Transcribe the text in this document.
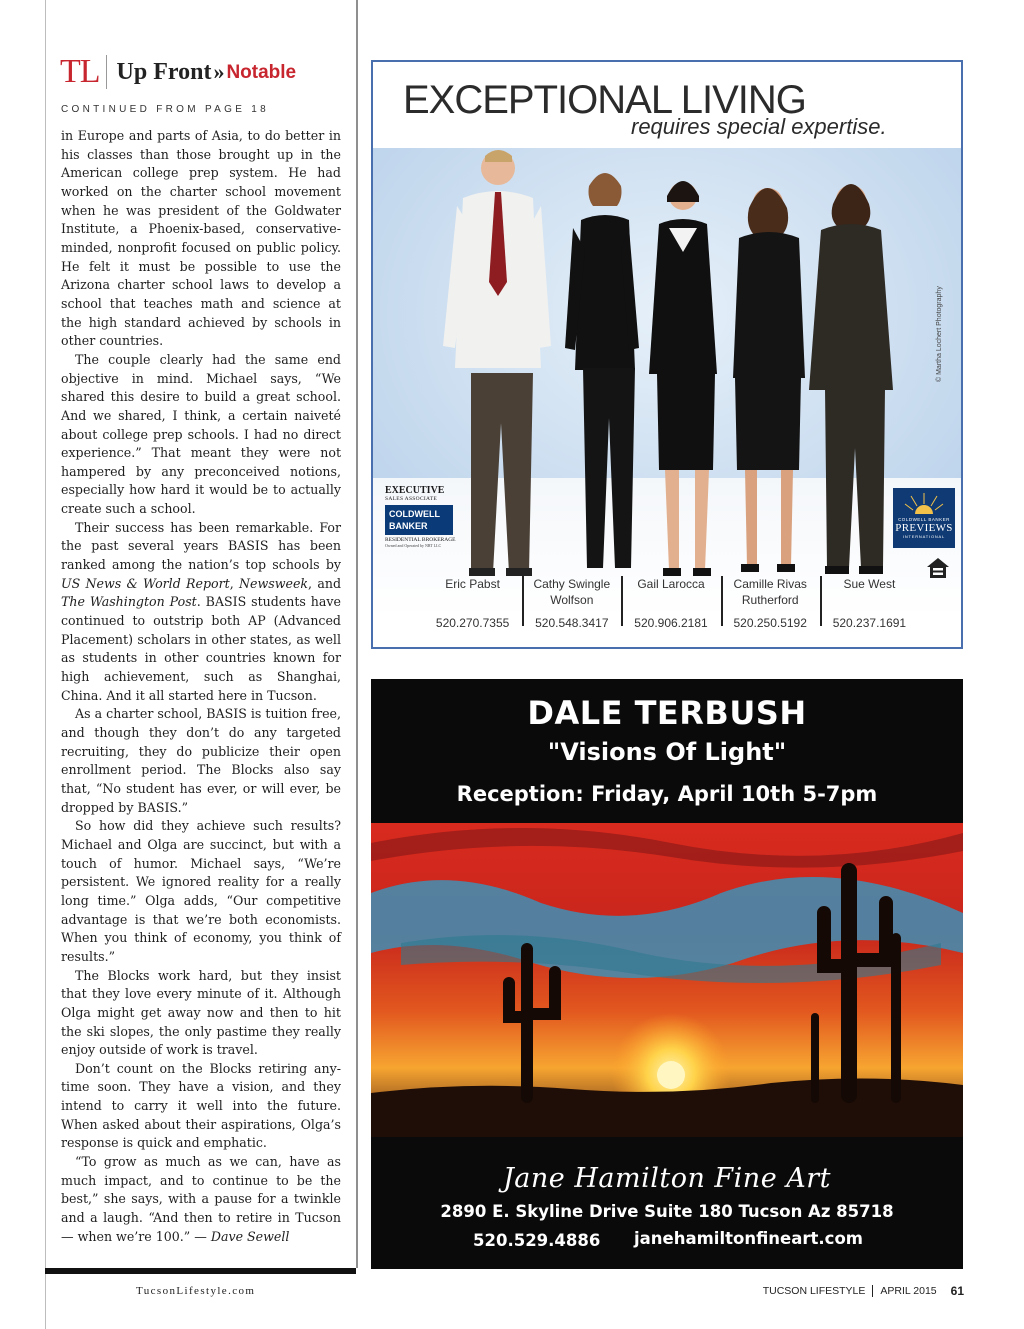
TL Up Front » Notable
CONTINUED FROM PAGE 18

in Europe and parts of Asia, to do better in his classes than those brought up in the American college prep system. He had worked on the charter school movement when he was president of the Goldwater Institute, a Phoenix-based, conservative-minded, nonprofit focused on public policy. He felt it must be possible to use the Arizona charter school laws to develop a school that teaches math and science at the high standard achieved by schools in other countries.

The couple clearly had the same end objective in mind. Michael says, “We shared this desire to build a great school. And we shared, I think, a certain naiveté about college prep schools. I had no direct experience.” That meant they were not hampered by any preconceived notions, especially how hard it would be to actually create such a school.

Their success has been remarkable. For the past several years BASIS has been ranked among the nation’s top schools by US News & World Report, Newsweek, and The Washington Post. BASIS students have continued to outstrip both AP (Advanced Placement) scholars in other states, as well as students in other countries known for high achievement, such as Shanghai, China. And it all started here in Tucson.

As a charter school, BASIS is tuition free, and though they don’t do any targeted recruiting, they do publicize their open enrollment period. The Blocks also say that, “No student has ever, or will ever, be dropped by BASIS.”

So how did they achieve such results? Michael and Olga are succinct, but with a touch of humor. Michael says, “We’re persistent. We ignored reality for a really long time.” Olga adds, “Our competitive advantage is that we’re both economists. When you think of economy, you think of results.”

The Blocks work hard, but they insist that they love every minute of it. Although Olga might get away now and then to hit the ski slopes, the only pastime they really enjoy outside of work is travel.

Don’t count on the Blocks retiring any-time soon. They have a vision, and they intend to carry it well into the future. When asked about their aspirations, Olga’s response is quick and emphatic.

“To grow as much as we can, have as much impact, and to continue to be the best,” she says, with a pause for a twinkle and a laugh. “And then to retire in Tucson — when we’re 100.” — Dave Sewell

TucsonLifestyle.com	TUCSON LIFESTYLE APRIL 2015 61
EXCEPTIONAL LIVING
requires special expertise.
© Martha Lochert Photography
EXECUTIVE
SALES ASSOCIATE
COLDWELL
BANKER
RESIDENTIAL BROKERAGE
Owned and Operated by NRT LLC
COLDWELL BANKER
PREVIEWS
INTERNATIONAL
Eric Pabst
520.270.7355
Cathy Swingle Wolfson
520.548.3417
Gail Larocca
520.906.2181
Camille Rivas Rutherford
520.250.5192
Sue West
520.237.1691
DALE TERBUSH
"Visions Of Light"
Reception: Friday, April 10th 5-7pm
Jane Hamilton Fine Art
2890 E. Skyline Drive Suite 180 Tucson Az 85718
520.529.4886 janehamiltonfineart.com
